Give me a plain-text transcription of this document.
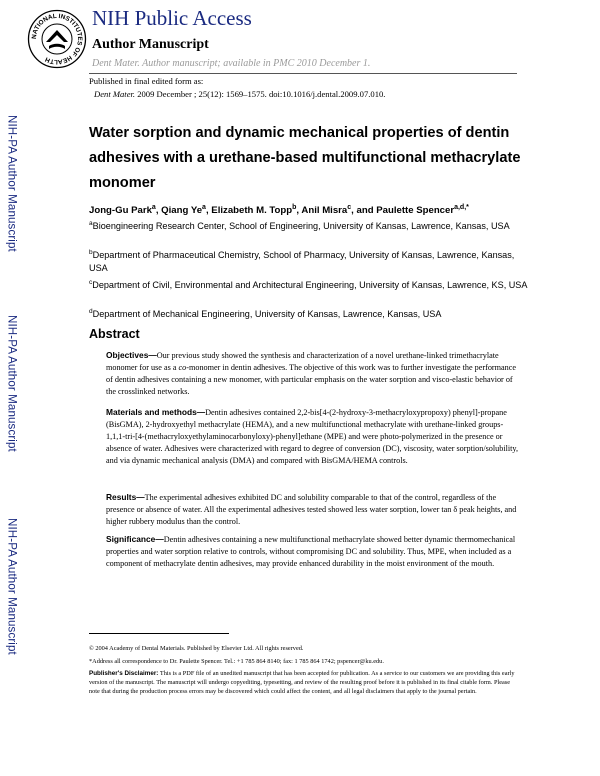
NATIONAL INSTITUTES OF HEALTH
NIH Public Access
Author Manuscript
Dent Mater. Author manuscript; available in PMC 2010 December 1.
Published in final edited form as:
Dent Mater. 2009 December ; 25(12): 1569–1575. doi:10.1016/j.dental.2009.07.010.
NIH-PA Author Manuscript
NIH-PA Author Manuscript
NIH-PA Author Manuscript
Water sorption and dynamic mechanical properties of dentin adhesives with a urethane-based multifunctional methacrylate monomer
Jong-Gu Park$^a$, Qiang Ye$^a$, Elizabeth M. Topp$^b$, Anil Misra$^c$, and Paulette Spencer$^{a,d,*}$
$^a$Bioengineering Research Center, School of Engineering, University of Kansas, Lawrence, Kansas, USA
$^b$Department of Pharmaceutical Chemistry, School of Pharmacy, University of Kansas, Lawrence, Kansas, USA
$^c$Department of Civil, Environmental and Architectural Engineering, University of Kansas, Lawrence, KS, USA
$^d$Department of Mechanical Engineering, University of Kansas, Lawrence, Kansas, USA
Abstract
Objectives—Our previous study showed the synthesis and characterization of a novel urethane-linked trimethacrylate monomer for use as a co-monomer in dentin adhesives. The objective of this work was to further investigate the performance of dentin adhesives containing a new monomer, with particular emphasis on the water sorption and visco-elastic behavior of the crosslinked networks.
Materials and methods—Dentin adhesives contained 2,2-bis[4-(2-hydroxy-3-methacryloxypropoxy) phenyl]-propane (BisGMA), 2-hydroxyethyl methacrylate (HEMA), and a new multifunctional methacrylate with urethane-linked groups-1,1,1-tri-[4-(methacryloxyethylaminocarbonyloxy)-phenyl]ethane (MPE) and were photo-polymerized in the presence or absence of water. Adhesives were characterized with regard to degree of conversion (DC), viscosity, water sorption/solubility, and via dynamic mechanical analysis (DMA) and compared with BisGMA/HEMA controls.
Results—The experimental adhesives exhibited DC and solubility comparable to that of the control, regardless of the presence or absence of water. All the experimental adhesives tested showed less water sorption, lower tan δ peak heights, and higher rubbery modulus than the control.
Significance—Dentin adhesives containing a new multifunctional methacrylate showed better dynamic thermomechanical properties and water sorption relative to controls, without compromising DC and solubility. Thus, MPE, when included as a component of methacrylate dentin adhesives, may provide enhanced durability in the moist environment of the mouth.
© 2004 Academy of Dental Materials. Published by Elsevier Ltd. All rights reserved.
*Address all correspondence to Dr. Paulette Spencer. Tel.: +1 785 864 8140; fax: 1 785 864 1742; pspencer@ku.edu.
Publisher's Disclaimer: This is a PDF file of an unedited manuscript that has been accepted for publication. As a service to our customers we are providing this early version of the manuscript. The manuscript will undergo copyediting, typesetting, and review of the resulting proof before it is published in its final citable form. Please note that during the production process errors may be discovered which could affect the content, and all legal disclaimers that apply to the journal pertain.
